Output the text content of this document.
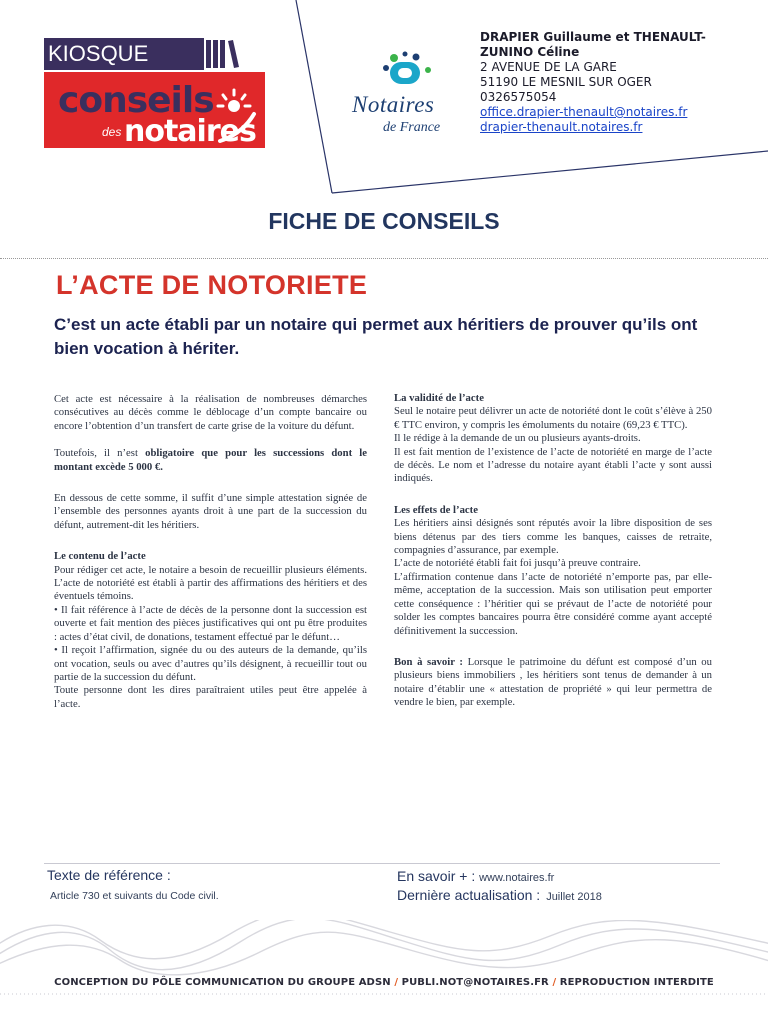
KIOSQUE
conseils
des notaires
Notaires
de France
DRAPIER Guillaume et THENAULT-ZUNINO Céline
2 AVENUE DE LA GARE
51190 LE MESNIL SUR OGER
0326575054
office.drapier-thenault@notaires.fr
drapier-thenault.notaires.fr
FICHE DE CONSEILS
L’ACTE DE NOTORIETE
C’est un acte établi par un notaire qui permet aux héritiers de prouver qu’ils ont bien vocation à hériter.

Cet acte est nécessaire à la réalisation de nombreuses démarches consécutives au décès comme le déblocage d’un compte bancaire ou encore l’obtention d’un transfert de carte grise de la voiture du défunt.

Toutefois, il n’est obligatoire que pour les successions dont le montant excède 5 000 €.

En dessous de cette somme, il suffit d’une simple attestation signée de l’ensemble des personnes ayants droit à une part de la succession du défunt, autrement-dit les héritiers.

Le contenu de l’acte

Pour rédiger cet acte, le notaire a besoin de recueillir plusieurs éléments. L’acte de notoriété est établi à partir des affirmations des héritiers et des éventuels témoins.

• Il fait référence à l’acte de décès de la personne dont la succession est ouverte et fait mention des pièces justificatives qui ont pu être produites : actes d’état civil, de donations, testament effectué par le défunt…

• Il reçoit l’affirmation, signée du ou des auteurs de la demande, qu’ils ont vocation, seuls ou avec d’autres qu’ils désignent, à recueillir tout ou partie de la succession du défunt.

Toute personne dont les dires paraîtraient utiles peut être appelée à l’acte.

La validité de l’acte

Seul le notaire peut délivrer un acte de notoriété dont le coût s’élève à 250 € TTC environ, y compris les émoluments du notaire (69,23 € TTC).

Il le rédige à la demande de un ou plusieurs ayants-droits.

Il est fait mention de l’existence de l’acte de notoriété en marge de l’acte de décès. Le nom et l’adresse du notaire ayant établi l’acte y sont aussi indiqués.

Les effets de l’acte

Les héritiers ainsi désignés sont réputés avoir la libre disposition de ses biens détenus par des tiers comme les banques, caisses de retraite, compagnies d’assurance, par exemple.

L’acte de notoriété établi fait foi jusqu’à preuve contraire.

L’affirmation contenue dans l’acte de notoriété n’emporte pas, par elle-même, acceptation de la succession. Mais son utilisation peut emporter cette conséquence : l’héritier qui se prévaut de l’acte de notoriété pour solder les comptes bancaires pourra être considéré comme ayant accepté définitivement la succession.

Bon à savoir : Lorsque le patrimoine du défunt est composé d’un ou plusieurs biens immobiliers , les héritiers sont tenus de demander à un notaire d’établir une « attestation de propriété » qui leur permettra de vendre le bien, par exemple.

Texte de référence :
Article 730 et suivants du Code civil.
En savoir + : www.notaires.fr
Dernière actualisation : Juillet 2018
CONCEPTION DU PÔLE COMMUNICATION DU GROUPE ADSN / PUBLI.NOT@NOTAIRES.FR / REPRODUCTION INTERDITE
